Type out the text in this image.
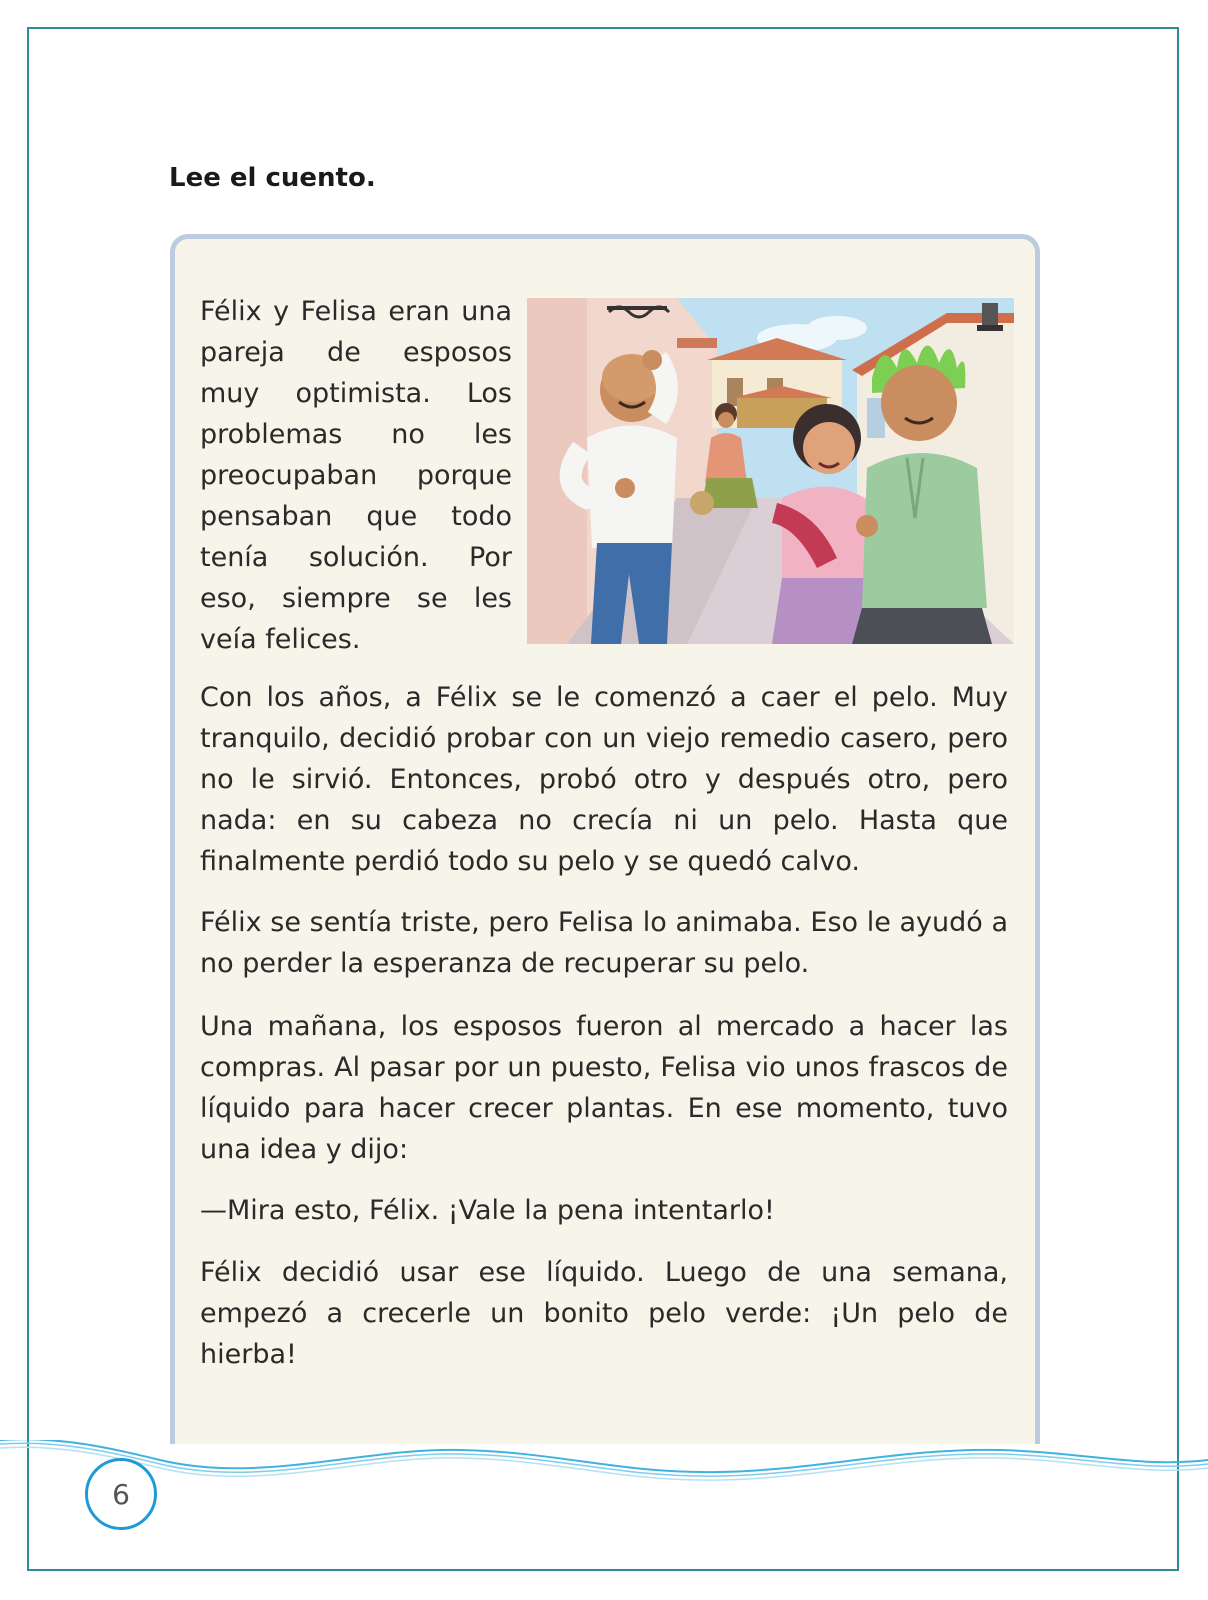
Lee el cuento.

Félix y Felisa eran una pareja de esposos muy optimista. Los problemas no les preocupaban porque pensaban que todo tenía solución. Por eso, siempre se les veía felices.

Con los años, a Félix se le comenzó a caer el pelo. Muy tranquilo, decidió probar con un viejo remedio casero, pero no le sirvió. Entonces, probó otro y después otro, pero nada: en su cabeza no crecía ni un pelo. Hasta que finalmente perdió todo su pelo y se quedó calvo.

Félix se sentía triste, pero Felisa lo animaba. Eso le ayudó a no perder la esperanza de recuperar su pelo.

Una mañana, los esposos fueron al mercado a hacer las compras. Al pasar por un puesto, Felisa vio unos frascos de líquido para hacer crecer plantas. En ese momento, tuvo una idea y dijo:

—Mira esto, Félix. ¡Vale la pena intentarlo!

Félix decidió usar ese líquido. Luego de una semana, empezó a crecerle un bonito pelo verde: ¡Un pelo de hierba!

6
